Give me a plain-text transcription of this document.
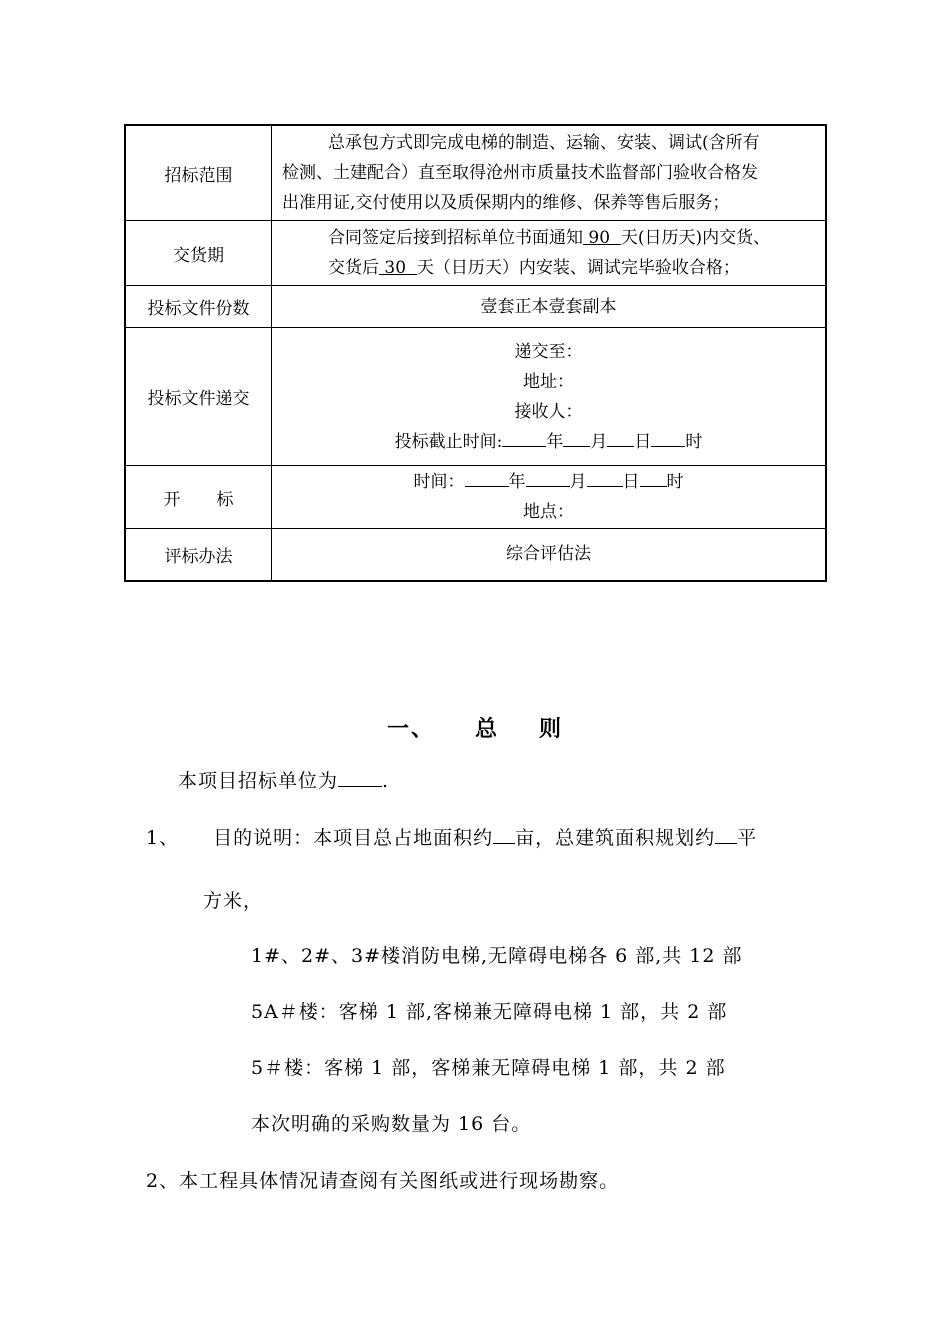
招标范围	总承包方式即完成电梯的制造、运输、安装、调试(含所有
检测、土建配合）直至取得沧州市质量技术监督部门验收合格发
出准用证,交付使用以及质保期内的维修、保养等售后服务；

交货期	合同签定后接到招标单位书面通知 90 天(日历天)内交货、
交货后 30 天（日历天）内安装、调试完毕验收合格；

投标文件份数	壹套正本壹套副本
投标文件递交	递交至：
地址：
接收人：
投标截止时间: 年 月 日 时

开 标	时间： 年 月 日 时
地点：

评标办法	综合评估法
一、 总 则
本项目招标单位为 .
1、 目的说明：本项目总占地面积约 亩，总建筑面积规划约 平
方米，
1#、2#、3#楼消防电梯,无障碍电梯各 6 部,共 12 部
5A＃楼：客梯 1 部,客梯兼无障碍电梯 1 部，共 2 部
5＃楼：客梯 1 部，客梯兼无障碍电梯 1 部，共 2 部
本次明确的采购数量为 16 台。
2、本工程具体情况请查阅有关图纸或进行现场勘察。
